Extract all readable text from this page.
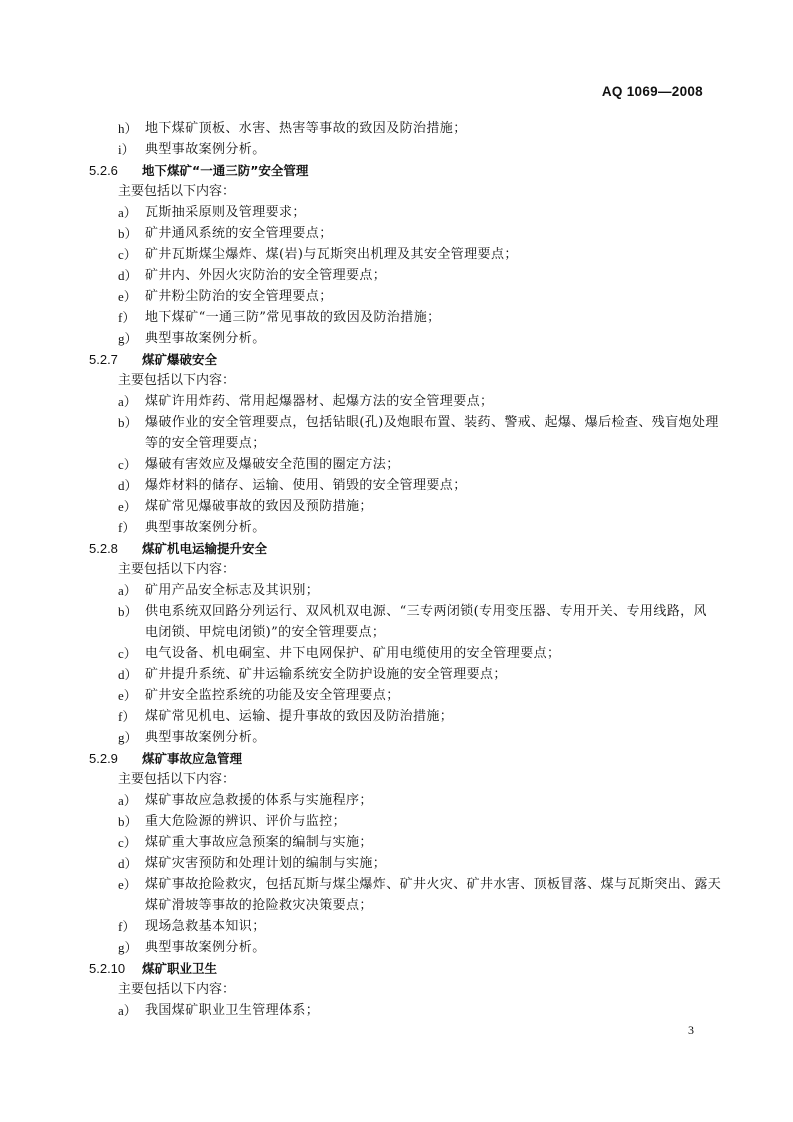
AQ 1069—2008
h） 地下煤矿顶板、水害、热害等事故的致因及防治措施；
i） 典型事故案例分析。
5.2.6 地下煤矿“一通三防”安全管理
主要包括以下内容：
a） 瓦斯抽采原则及管理要求；
b） 矿井通风系统的安全管理要点；
c） 矿井瓦斯煤尘爆炸、煤(岩)与瓦斯突出机理及其安全管理要点；
d） 矿井内、外因火灾防治的安全管理要点；
e） 矿井粉尘防治的安全管理要点；
f） 地下煤矿“一通三防”常见事故的致因及防治措施；
g） 典型事故案例分析。
5.2.7 煤矿爆破安全
主要包括以下内容：
a） 煤矿许用炸药、常用起爆器材、起爆方法的安全管理要点；
b） 爆破作业的安全管理要点，包括钻眼(孔)及炮眼布置、装药、警戒、起爆、爆后检查、残盲炮处理
等的安全管理要点；
c） 爆破有害效应及爆破安全范围的圈定方法；
d） 爆炸材料的储存、运输、使用、销毁的安全管理要点；
e） 煤矿常见爆破事故的致因及预防措施；
f） 典型事故案例分析。
5.2.8 煤矿机电运输提升安全
主要包括以下内容：
a） 矿用产品安全标志及其识别；
b） 供电系统双回路分列运行、双风机双电源、“三专两闭锁(专用变压器、专用开关、专用线路，风
电闭锁、甲烷电闭锁)”的安全管理要点；
c） 电气设备、机电硐室、井下电网保护、矿用电缆使用的安全管理要点；
d） 矿井提升系统、矿井运输系统安全防护设施的安全管理要点；
e） 矿井安全监控系统的功能及安全管理要点；
f） 煤矿常见机电、运输、提升事故的致因及防治措施；
g） 典型事故案例分析。
5.2.9 煤矿事故应急管理
主要包括以下内容：
a） 煤矿事故应急救援的体系与实施程序；
b） 重大危险源的辨识、评价与监控；
c） 煤矿重大事故应急预案的编制与实施；
d） 煤矿灾害预防和处理计划的编制与实施；
e） 煤矿事故抢险救灾，包括瓦斯与煤尘爆炸、矿井火灾、矿井水害、顶板冒落、煤与瓦斯突出、露天
煤矿滑坡等事故的抢险救灾决策要点；
f） 现场急救基本知识；
g） 典型事故案例分析。
5.2.10 煤矿职业卫生
主要包括以下内容：
a） 我国煤矿职业卫生管理体系；
3
